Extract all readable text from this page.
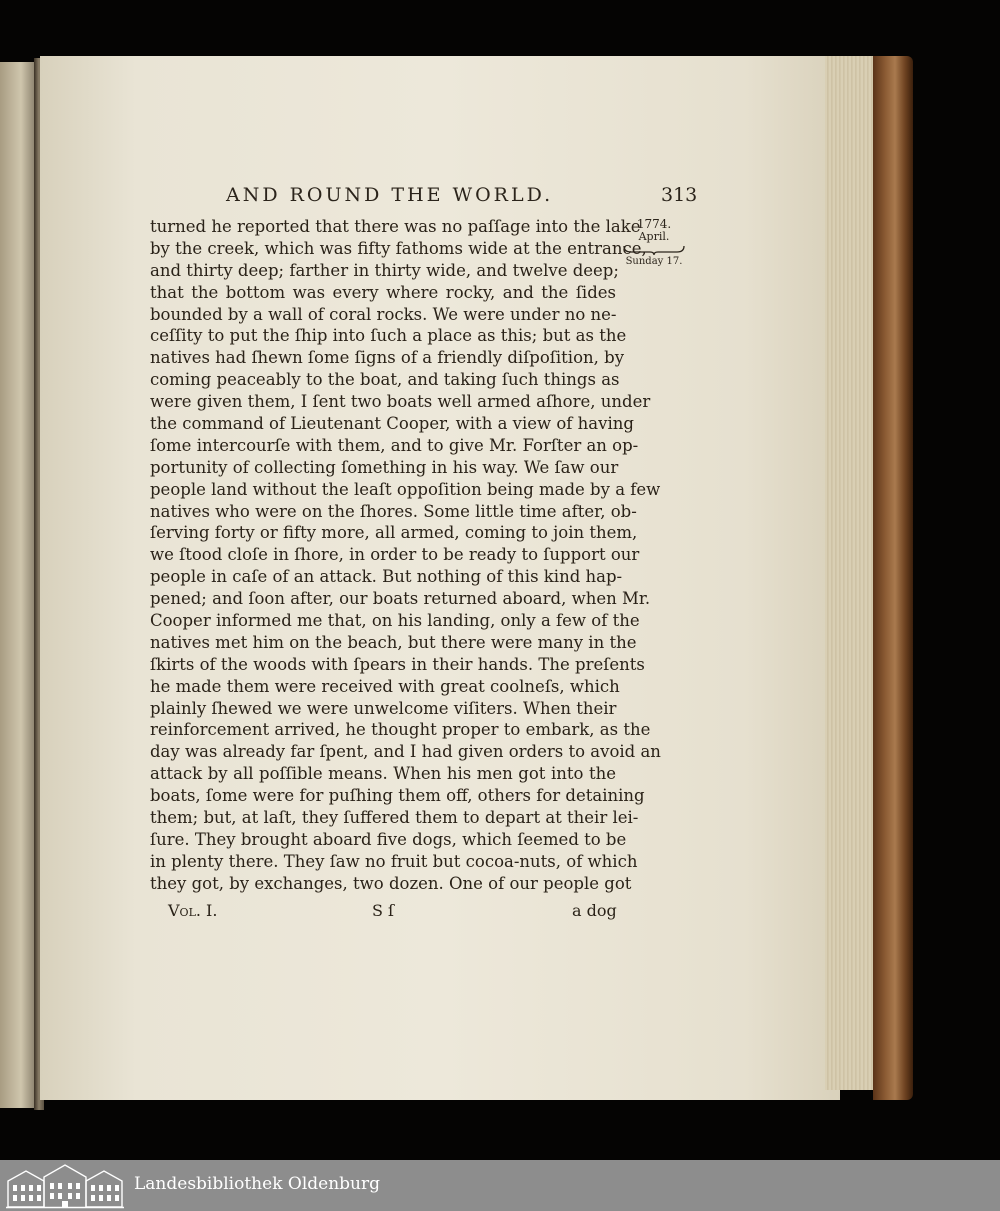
AND ROUND THE WORLD.	313
1774.
April.
Sunday 17.
turned he reported that there was no paſſage into the lake
by the creek, which was fifty fathoms wide at the entrance,
and thirty deep; farther in thirty wide, and twelve deep;
that the bottom was every where rocky, and the ſides
bounded by a wall of coral rocks. We were under no ne-
ceſſity to put the ſhip into ſuch a place as this; but as the
natives had ſhewn ſome ſigns of a friendly diſpoſition, by
coming peaceably to the boat, and taking ſuch things as
were given them, I ſent two boats well armed aſhore, under
the command of Lieutenant Cooper, with a view of having
ſome intercourſe with them, and to give Mr. Forſter an op-
portunity of collecting ſomething in his way. We ſaw our
people land without the leaſt oppoſition being made by a few
natives who were on the ſhores. Some little time after, ob-
ſerving forty or fifty more, all armed, coming to join them,
we ſtood cloſe in ſhore, in order to be ready to ſupport our
people in caſe of an attack. But nothing of this kind hap-
pened; and ſoon after, our boats returned aboard, when Mr.
Cooper informed me that, on his landing, only a few of the
natives met him on the beach, but there were many in the
ſkirts of the woods with ſpears in their hands. The preſents
he made them were received with great coolneſs, which
plainly ſhewed we were unwelcome viſiters. When their
reinforcement arrived, he thought proper to embark, as the
day was already far ſpent, and I had given orders to avoid an
attack by all poſſible means. When his men got into the
boats, ſome were for puſhing them off, others for detaining
them; but, at laſt, they ſuffered them to depart at their lei-
ſure. They brought aboard five dogs, which ſeemed to be
in plenty there. They ſaw no fruit but cocoa-nuts, of which
they got, by exchanges, two dozen. One of our people got
Vol. I.	S ſ	a dog
Landesbibliothek Oldenburg
